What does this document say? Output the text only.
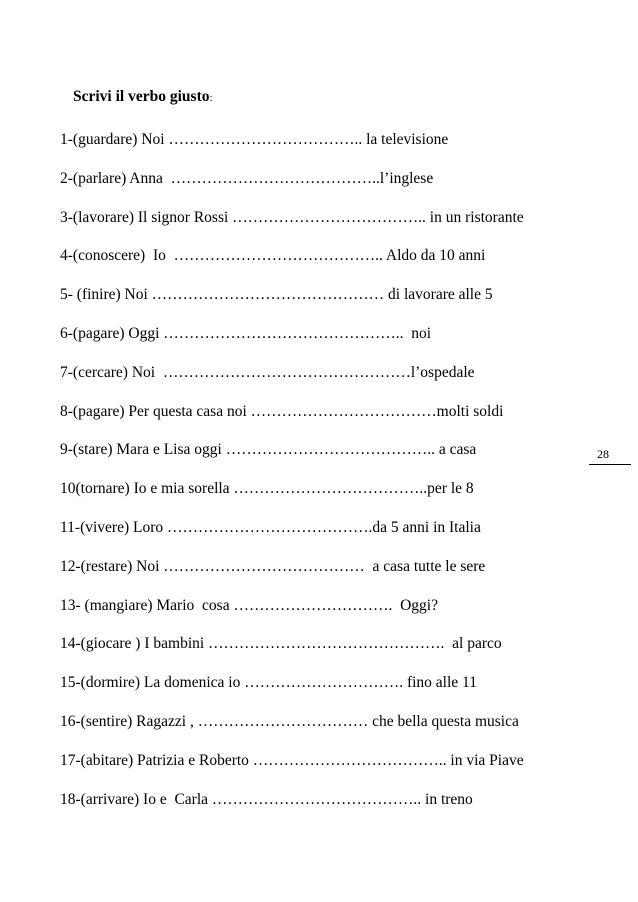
Scrivi il verbo giusto:
1-(guardare) Noi ……………………………….. la televisione
2-(parlare) Anna  …………………………………..l’inglese
3-(lavorare) Il signor Rossi ……………………………….. in un ristorante
4-(conoscere)  Io  ………………………………….. Aldo da 10 anni
5- (finire) Noi ……………………………………… di lavorare alle 5
6-(pagare) Oggi ………………………………………..  noi
7-(cercare) Noi  …………………………………………l’ospedale
8-(pagare) Per questa casa noi ………………………………molti soldi
9-(stare) Mara e Lisa oggi ………………………………….. a casa
10(tornare) Io e mia sorella ………………………………..per le 8
11-(vivere) Loro ………………………………….da 5 anni in Italia
12-(restare) Noi …………………………………  a casa tutte le sere
13- (mangiare) Mario  cosa ………………………….  Oggi?
14-(giocare ) I bambini ……………………………………….  al parco
15-(dormire) La domenica io …………………………. fino alle 11
16-(sentire) Ragazzi , …………………………… che bella questa musica
17-(abitare) Patrizia e Roberto ……………………………….. in via Piave
18-(arrivare) Io e  Carla ………………………………….. in treno
28
